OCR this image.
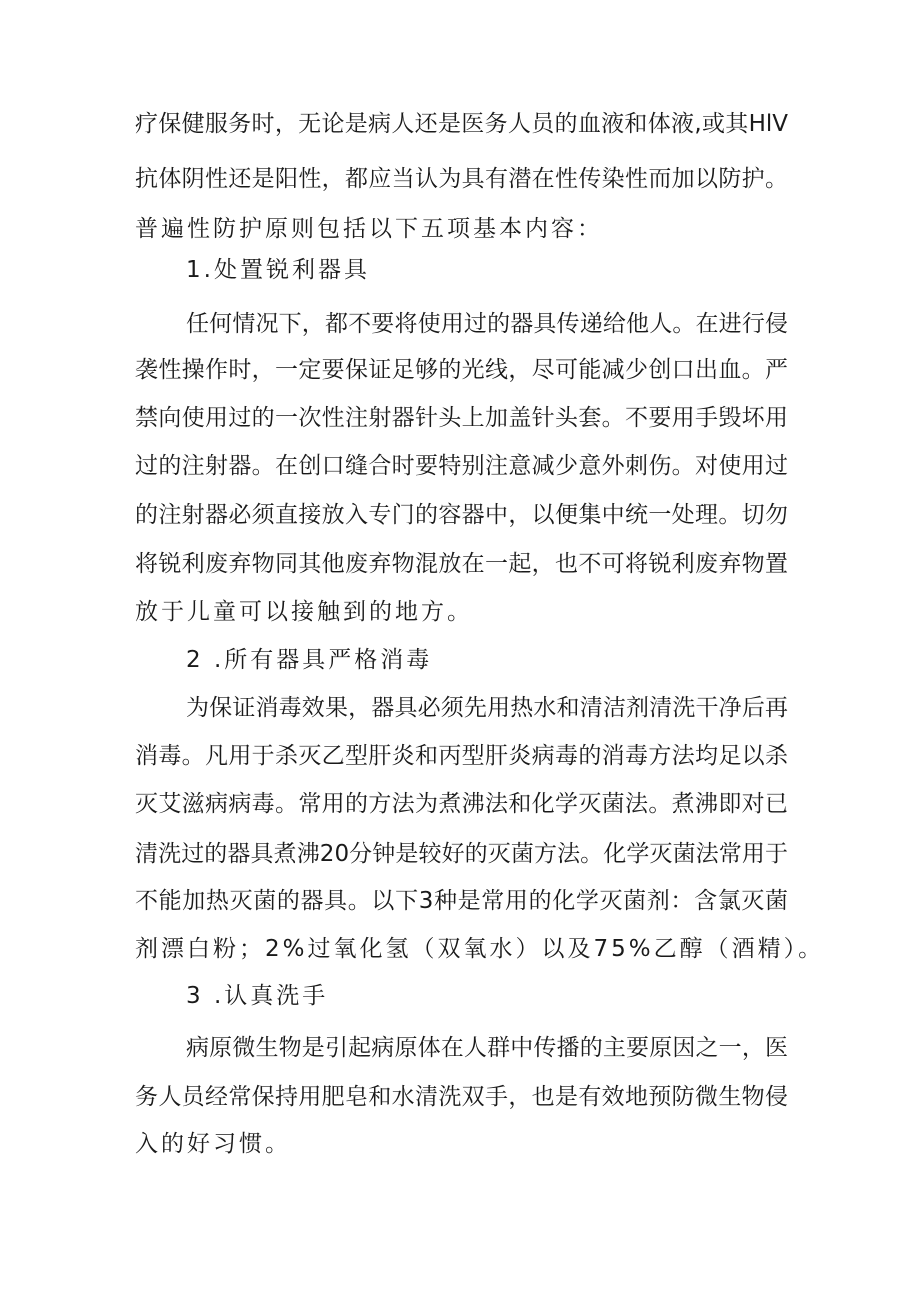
疗保健服务时，无论是病人还是医务人员的血液和体液,或其HlV
抗体阴性还是阳性，都应当认为具有潜在性传染性而加以防护。
普遍性防护原则包括以下五项基本内容：
1.处置锐利器具
任何情况下，都不要将使用过的器具传递给他人。在进行侵
袭性操作时，一定要保证足够的光线，尽可能减少创口出血。严
禁向使用过的一次性注射器针头上加盖针头套。不要用手毁坏用
过的注射器。在创口缝合时要特别注意减少意外刺伤。对使用过
的注射器必须直接放入专门的容器中，以便集中统一处理。切勿
将锐利废弃物同其他废弃物混放在一起，也不可将锐利废弃物置
放于儿童可以接触到的地方。
2 .所有器具严格消毒
为保证消毒效果，器具必须先用热水和清洁剂清洗干净后再
消毒。凡用于杀灭乙型肝炎和丙型肝炎病毒的消毒方法均足以杀
灭艾滋病病毒。常用的方法为煮沸法和化学灭菌法。煮沸即对已
清洗过的器具煮沸20分钟是较好的灭菌方法。化学灭菌法常用于
不能加热灭菌的器具。以下3种是常用的化学灭菌剂：含氯灭菌
剂漂白粉；2%过氧化氢（双氧水）以及75%乙醇（酒精）。
3 .认真洗手
病原微生物是引起病原体在人群中传播的主要原因之一，医
务人员经常保持用肥皂和水清洗双手，也是有效地预防微生物侵
入的好习惯。
